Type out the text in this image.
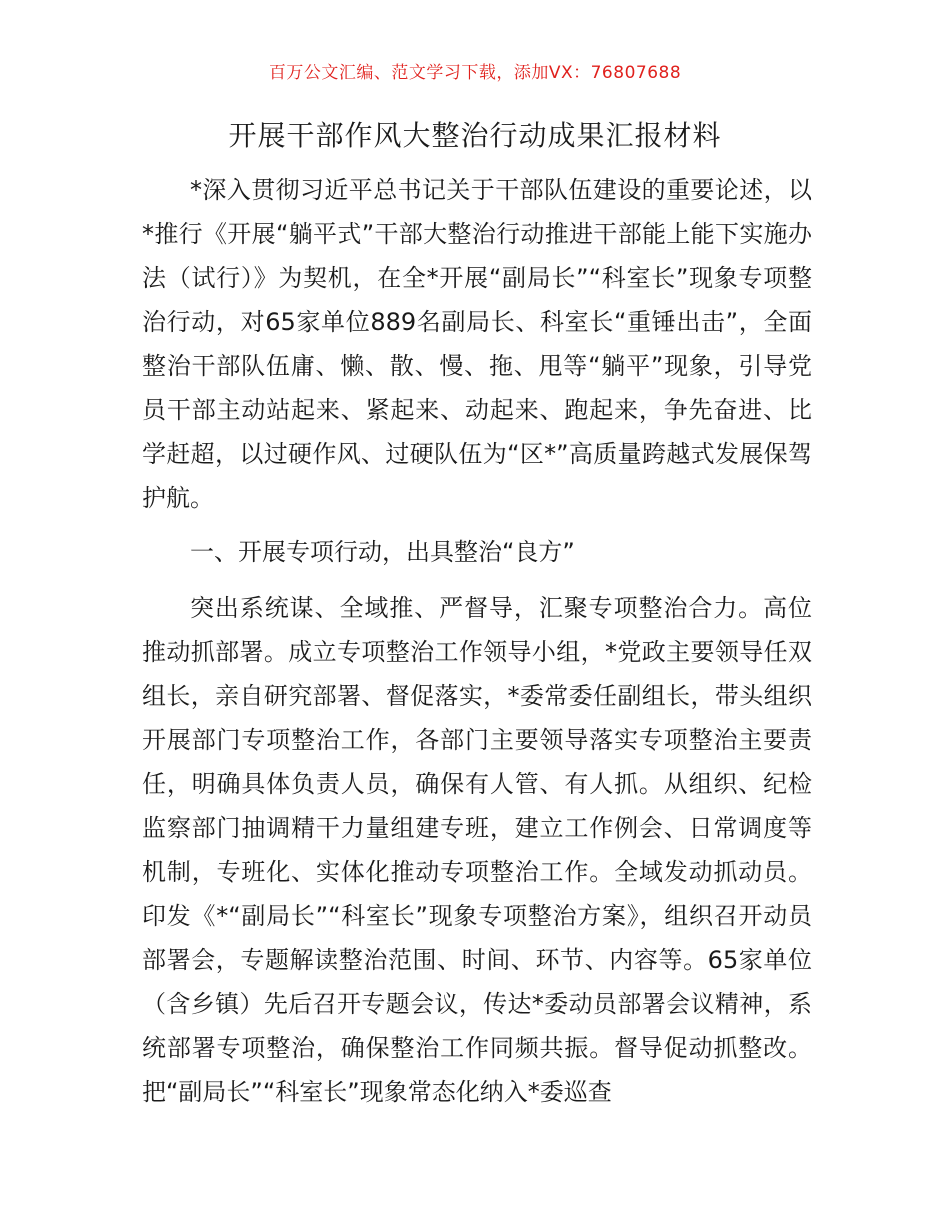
百万公文汇编、范文学习下载，添加VX：76807688
开展干部作风大整治行动成果汇报材料

*深入贯彻习近平总书记关于干部队伍建设的重要论述，以*推行《开展“躺平式”干部大整治行动推进干部能上能下实施办法（试行）》为契机，在全*开展“副局长”“科室长”现象专项整治行动，对65家单位889名副局长、科室长“重锤出击”，全面整治干部队伍庸、懒、散、慢、拖、甩等“躺平”现象，引导党员干部主动站起来、紧起来、动起来、跑起来，争先奋进、比学赶超，以过硬作风、过硬队伍为“区*”高质量跨越式发展保驾护航。

一、开展专项行动，出具整治“良方”

突出系统谋、全域推、严督导，汇聚专项整治合力。高位推动抓部署。成立专项整治工作领导小组，*党政主要领导任双组长，亲自研究部署、督促落实，*委常委任副组长，带头组织开展部门专项整治工作，各部门主要领导落实专项整治主要责任，明确具体负责人员，确保有人管、有人抓。从组织、纪检监察部门抽调精干力量组建专班，建立工作例会、日常调度等机制，专班化、实体化推动专项整治工作。全域发动抓动员。印发《*“副局长”“科室长”现象专项整治方案》，组织召开动员部署会，专题解读整治范围、时间、环节、内容等。65家单位（含乡镇）先后召开专题会议，传达*委动员部署会议精神，系统部署专项整治，确保整治工作同频共振。督导促动抓整改。把“副局长”“科室长”现象常态化纳入*委巡查
